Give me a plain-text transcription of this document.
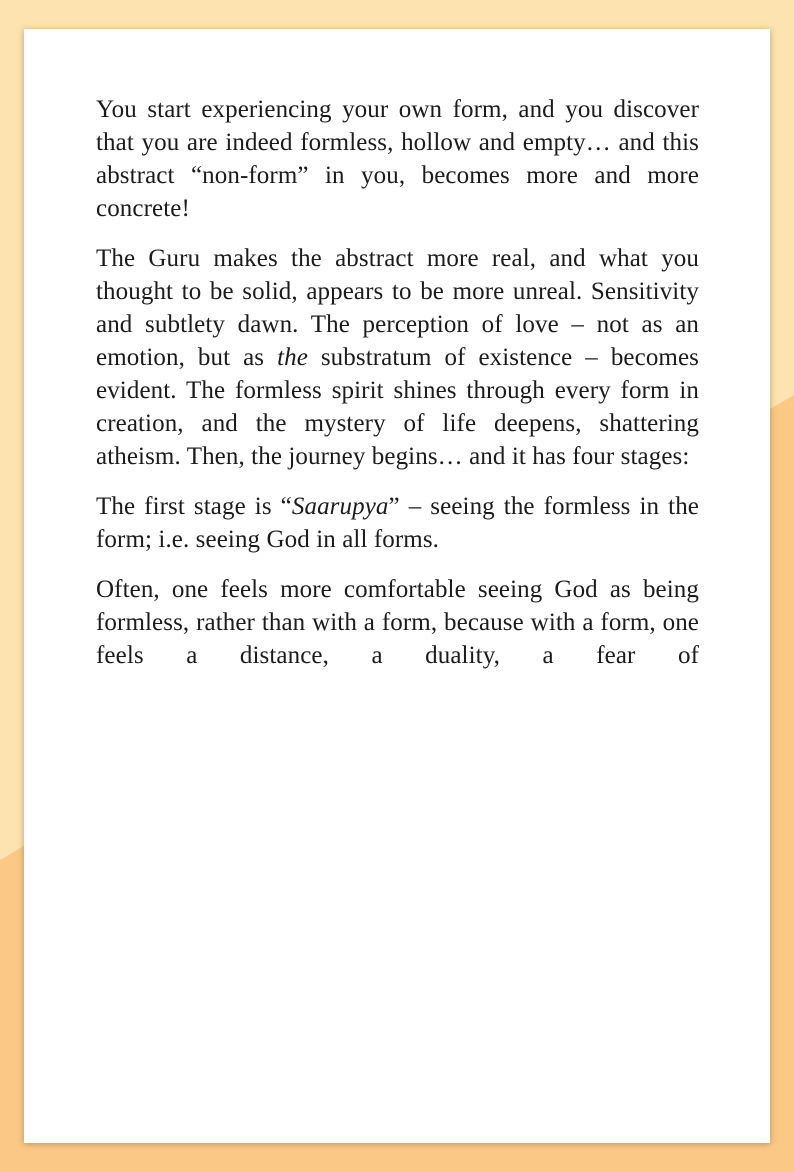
You start experiencing your own form, and you discover that you are indeed formless, hollow and empty… and this abstract “non-form” in you, becomes more and more concrete!

The Guru makes the abstract more real, and what you thought to be solid, appears to be more unreal. Sensitivity and subtlety dawn. The perception of love – not as an emotion, but as the substratum of existence – becomes evident. The formless spirit shines through every form in creation, and the mystery of life deepens, shattering atheism. Then, the journey begins… and it has four stages:

The first stage is “Saarupya” – seeing the formless in the form; i.e. seeing God in all forms.

Often, one feels more comfortable seeing God as being formless, rather than with a form, because with a form, one feels a distance, a duality, a fear of
